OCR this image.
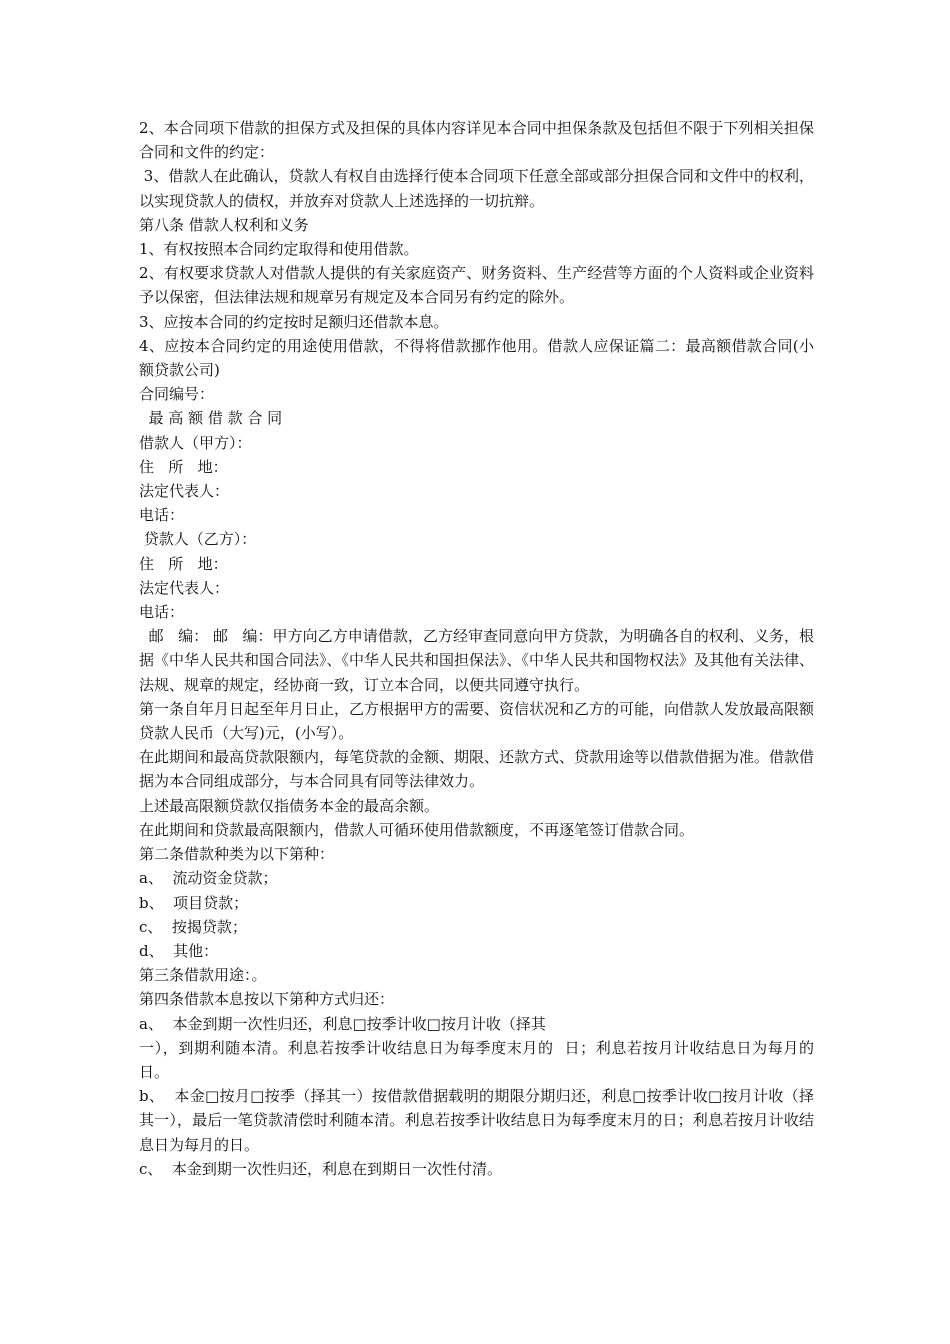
2、本合同项下借款的担保方式及担保的具体内容详见本合同中担保条款及包括但不限于下列相关担保合同和文件的约定：

3、借款人在此确认，贷款人有权自由选择行使本合同项下任意全部或部分担保合同和文件中的权利，以实现贷款人的债权，并放弃对贷款人上述选择的一切抗辩。

第八条 借款人权利和义务

1、有权按照本合同约定取得和使用借款。

2、有权要求贷款人对借款人提供的有关家庭资产、财务资料、生产经营等方面的个人资料或企业资料予以保密，但法律法规和规章另有规定及本合同另有约定的除外。

3、应按本合同的约定按时足额归还借款本息。

4、应按本合同约定的用途使用借款，不得将借款挪作他用。借款人应保证篇二：最高额借款合同(小额贷款公司)

合同编号：

最 高 额 借 款 合 同

借款人（甲方）：

住   所   地：

法定代表人：

电话：

贷款人（乙方）：

住   所   地：

法定代表人：

电话：

邮   编： 邮   编：甲方向乙方申请借款，乙方经审查同意向甲方贷款，为明确各自的权利、义务，根据《中华人民共和国合同法》、《中华人民共和国担保法》、《中华人民共和国物权法》及其他有关法律、法规、规章的规定，经协商一致，订立本合同，以便共同遵守执行。

第一条自年月日起至年月日止，乙方根据甲方的需要、资信状况和乙方的可能，向借款人发放最高限额贷款人民币（大写)元，(小写）。

在此期间和最高贷款限额内，每笔贷款的金额、期限、还款方式、贷款用途等以借款借据为准。借款借据为本合同组成部分，与本合同具有同等法律效力。

上述最高限额贷款仅指债务本金的最高余额。

在此期间和贷款最高限额内，借款人可循环使用借款额度，不再逐笔签订借款合同。

第二条借款种类为以下第种：

a、  流动资金贷款；

b、  项目贷款；

c、  按揭贷款；

d、  其他：

第三条借款用途：。

第四条借款本息按以下第种方式归还：

a、  本金到期一次性归还，利息□按季计收□按月计收（择其

一），到期利随本清。利息若按季计收结息日为每季度末月的  日；利息若按月计收结息日为每月的   日。

b、  本金□按月□按季（择其一）按借款借据载明的期限分期归还，利息□按季计收□按月计收（择其一），最后一笔贷款清偿时利随本清。利息若按季计收结息日为每季度末月的日；利息若按月计收结息日为每月的日。

c、  本金到期一次性归还，利息在到期日一次性付清。
